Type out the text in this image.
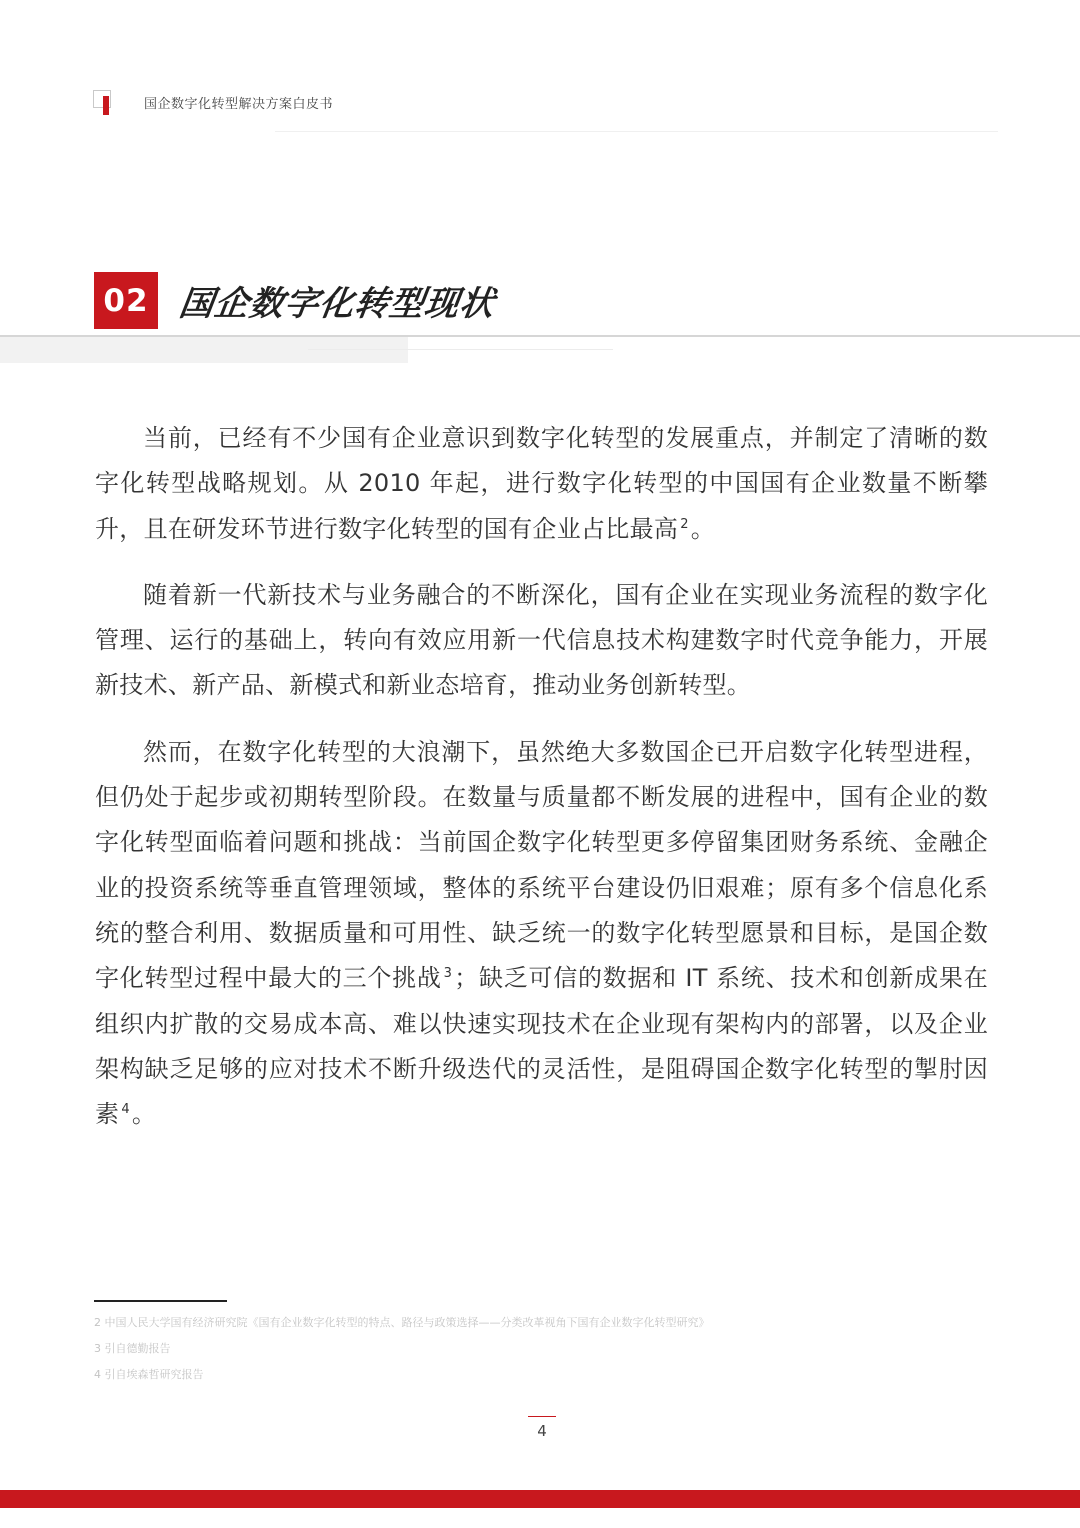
国企数字化转型解决方案白皮书
02 国企数字化转型现状

当前，已经有不少国有企业意识到数字化转型的发展重点，并制定了清晰的数字化转型战略规划。从 2010 年起，进行数字化转型的中国国有企业数量不断攀升，且在研发环节进行数字化转型的国有企业占比最高 $^2$。

随着新一代新技术与业务融合的不断深化，国有企业在实现业务流程的数字化管理、运行的基础上，转向有效应用新一代信息技术构建数字时代竞争能力，开展新技术、新产品、新模式和新业态培育，推动业务创新转型。

然而，在数字化转型的大浪潮下，虽然绝大多数国企已开启数字化转型进程，但仍处于起步或初期转型阶段。在数量与质量都不断发展的进程中，国有企业的数字化转型面临着问题和挑战：当前国企数字化转型更多停留集团财务系统、金融企业的投资系统等垂直管理领域，整体的系统平台建设仍旧艰难；原有多个信息化系统的整合利用、数据质量和可用性、缺乏统一的数字化转型愿景和目标，是国企数字化转型过程中最大的三个挑战 $^3$；缺乏可信的数据和 IT 系统、技术和创新成果在组织内扩散的交易成本高、难以快速实现技术在企业现有架构内的部署，以及企业架构缺乏足够的应对技术不断升级迭代的灵活性，是阻碍国企数字化转型的掣肘因素 $^4$。

2 中国人民大学国有经济研究院《国有企业数字化转型的特点、路径与政策选择——分类改革视角下国有企业数字化转型研究》
3 引自德勤报告
4 引自埃森哲研究报告
4
